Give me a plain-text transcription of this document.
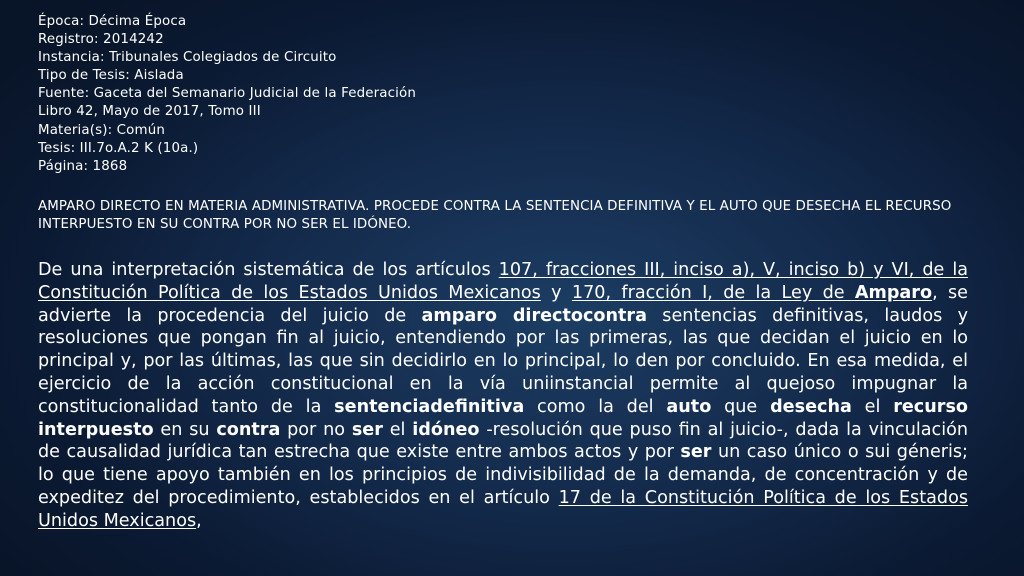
Época: Décima Época
Registro: 2014242
Instancia: Tribunales Colegiados de Circuito
Tipo de Tesis: Aislada
Fuente: Gaceta del Semanario Judicial de la Federación
Libro 42, Mayo de 2017, Tomo III
Materia(s): Común
Tesis: III.7o.A.2 K (10a.)
Página: 1868
AMPARO DIRECTO EN MATERIA ADMINISTRATIVA. PROCEDE CONTRA LA SENTENCIA DEFINITIVA Y EL AUTO QUE DESECHA EL RECURSO INTERPUESTO EN SU CONTRA POR NO SER EL IDÓNEO.

De una interpretación sistemática de los artículos 107, fracciones III, inciso a), V, inciso b) y VI, de la Constitución Política de los Estados Unidos Mexicanos y 170, fracción I, de la Ley de Amparo, se advierte la procedencia del juicio de amparo directocontra sentencias definitivas, laudos y resoluciones que pongan fin al juicio, entendiendo por las primeras, las que decidan el juicio en lo principal y, por las últimas, las que sin decidirlo en lo principal, lo den por concluido. En esa medida, el ejercicio de la acción constitucional en la vía uniinstancial permite al quejoso impugnar la constitucionalidad tanto de la sentenciadefinitiva como la del auto que desecha el recurso interpuesto en su contra por no ser el idóneo -resolución que puso fin al juicio-, dada la vinculación de causalidad jurídica tan estrecha que existe entre ambos actos y por ser un caso único o sui géneris; lo que tiene apoyo también en los principios de indivisibilidad de la demanda, de concentración y de expeditez del procedimiento, establecidos en el artículo 17 de la Constitución Política de los Estados Unidos Mexicanos,
